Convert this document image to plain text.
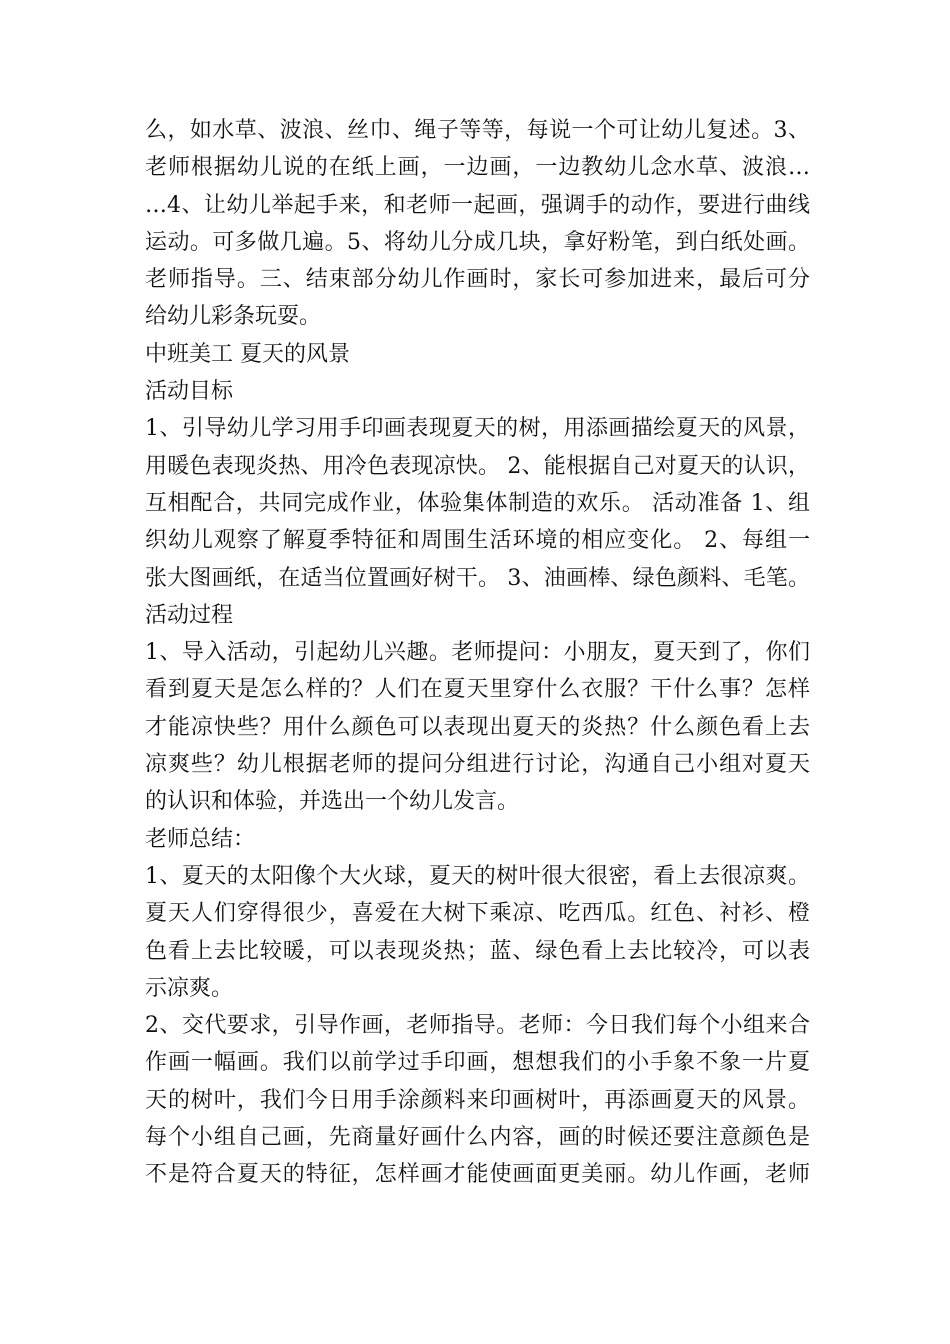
么，如水草、波浪、丝巾、绳子等等，每说一个可让幼儿复述。3、
老师根据幼儿说的在纸上画，一边画，一边教幼儿念水草、波浪…
…4、让幼儿举起手来，和老师一起画，强调手的动作，要进行曲线
运动。可多做几遍。5、将幼儿分成几块，拿好粉笔，到白纸处画。
老师指导。三、结束部分幼儿作画时，家长可参加进来，最后可分
给幼儿彩条玩耍。
中班美工 夏天的风景
活动目标
1、引导幼儿学习用手印画表现夏天的树，用添画描绘夏天的风景，
用暖色表现炎热、用冷色表现凉快。 2、能根据自己对夏天的认识，
互相配合，共同完成作业，体验集体制造的欢乐。 活动准备 1、组
织幼儿观察了解夏季特征和周围生活环境的相应变化。 2、每组一
张大图画纸，在适当位置画好树干。 3、油画棒、绿色颜料、毛笔。
活动过程
1、导入活动，引起幼儿兴趣。老师提问：小朋友，夏天到了，你们
看到夏天是怎么样的？人们在夏天里穿什么衣服？干什么事？怎样
才能凉快些？用什么颜色可以表现出夏天的炎热？什么颜色看上去
凉爽些？幼儿根据老师的提问分组进行讨论，沟通自己小组对夏天
的认识和体验，并选出一个幼儿发言。
老师总结：
1、夏天的太阳像个大火球，夏天的树叶很大很密，看上去很凉爽。
夏天人们穿得很少，喜爱在大树下乘凉、吃西瓜。红色、衬衫、橙
色看上去比较暖，可以表现炎热；蓝、绿色看上去比较冷，可以表
示凉爽。
2、交代要求，引导作画，老师指导。老师：今日我们每个小组来合
作画一幅画。我们以前学过手印画，想想我们的小手象不象一片夏
天的树叶，我们今日用手涂颜料来印画树叶，再添画夏天的风景。
每个小组自己画，先商量好画什么内容，画的时候还要注意颜色是
不是符合夏天的特征，怎样画才能使画面更美丽。幼儿作画，老师
